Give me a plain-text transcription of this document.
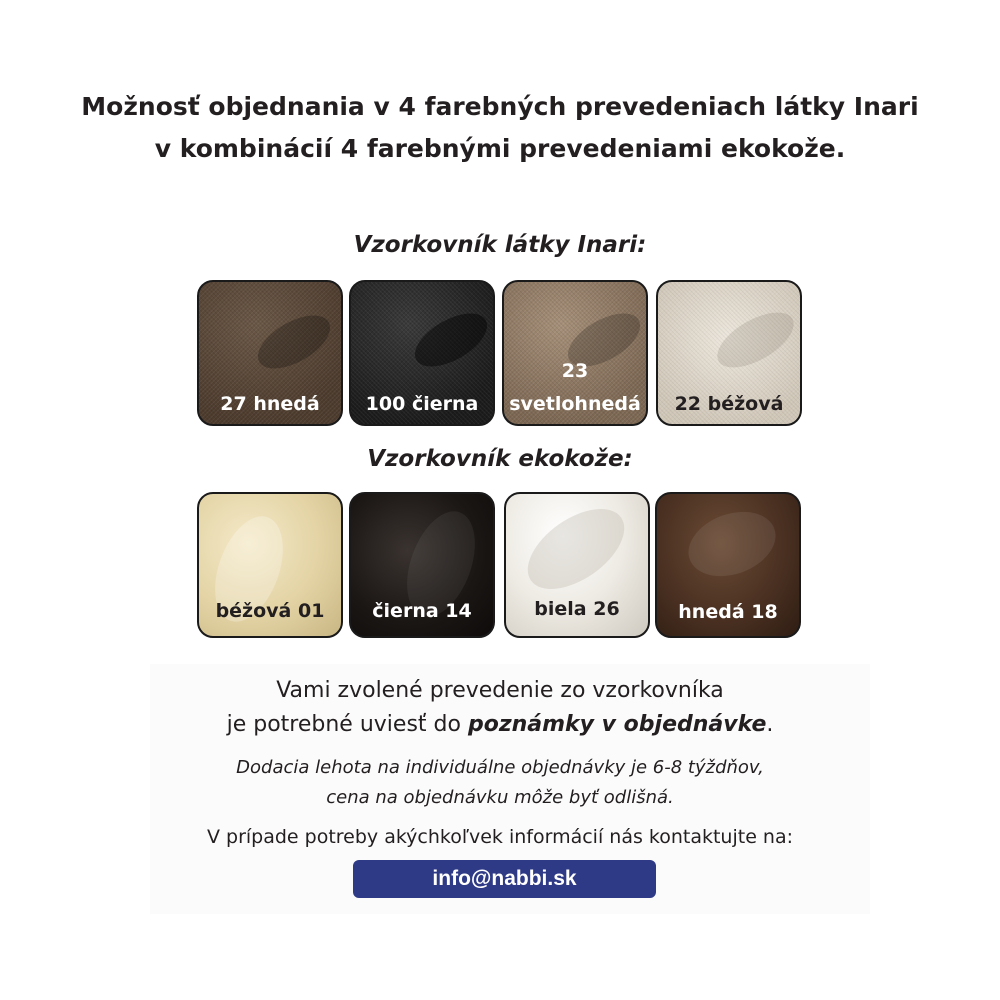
Možnosť objednania v 4 farebných prevedeniach látky Inari
v kombinácií 4 farebnými prevedeniami ekokože.
Vzorkovník látky Inari:
27 hnedá	100 čierna
23
svetlohnedá	22 béžová
Vzorkovník ekokože:
béžová 01	čierna 14	biela 26	hnedá 18
Vami zvolené prevedenie zo vzorkovníka
je potrebné uviesť do poznámky v objednávke.
Dodacia lehota na individuálne objednávky je 6-8 týždňov,
cena na objednávku môže byť odlišná.
V prípade potreby akýchkoľvek informácií nás kontaktujte na:
info@nabbi.sk
